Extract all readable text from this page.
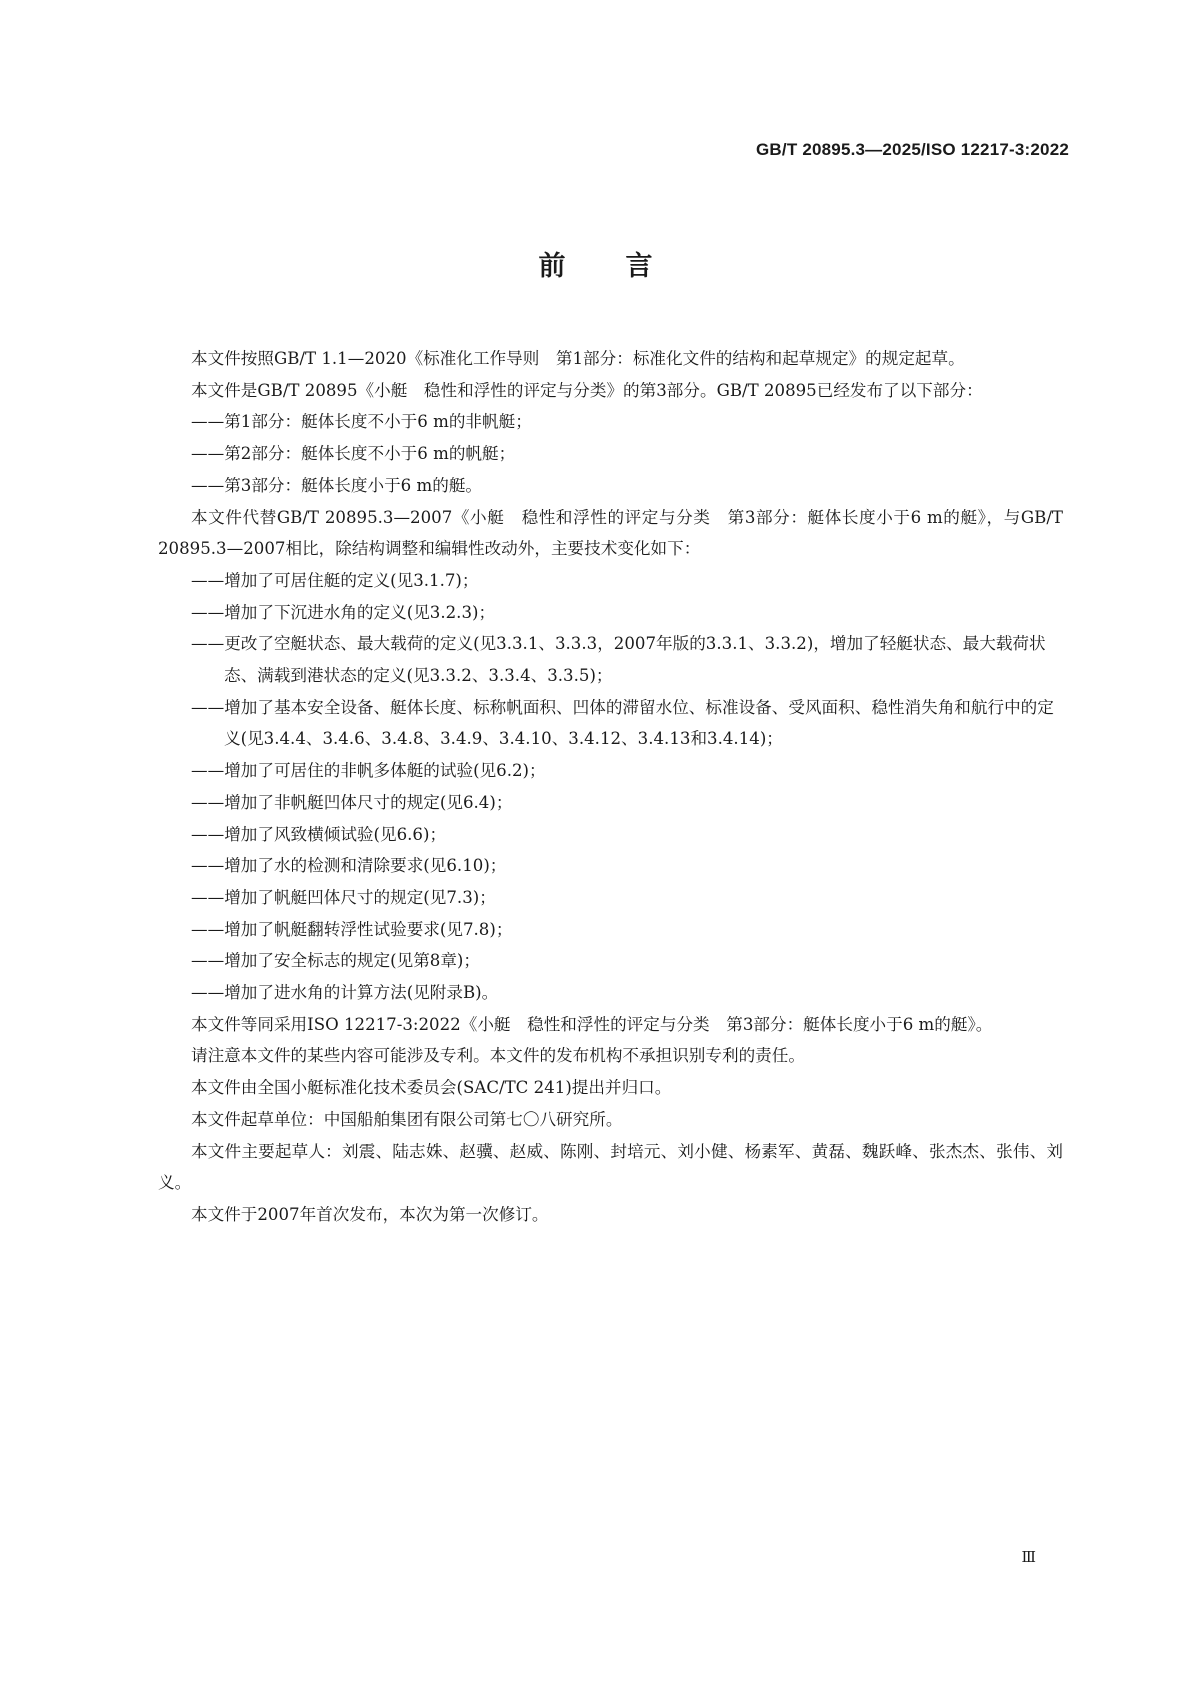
GB/T 20895.3—2025/ISO 12217-3:2022
前言

本文件按照GB/T 1.1—2020《标准化工作导则　第1部分：标准化文件的结构和起草规定》的规定起草。

本文件是GB/T 20895《小艇　稳性和浮性的评定与分类》的第3部分。GB/T 20895已经发布了以下部分：

——第1部分：艇体长度不小于6 m的非帆艇；

——第2部分：艇体长度不小于6 m的帆艇；

——第3部分：艇体长度小于6 m的艇。

本文件代替GB/T 20895.3—2007《小艇　稳性和浮性的评定与分类　第3部分：艇体长度小于6 m的艇》，与GB/T 20895.3—2007相比，除结构调整和编辑性改动外，主要技术变化如下：

——增加了可居住艇的定义(见3.1.7)；

——增加了下沉进水角的定义(见3.2.3)；

——更改了空艇状态、最大载荷的定义(见3.3.1、3.3.3，2007年版的3.3.1、3.3.2)，增加了轻艇状态、最大载荷状态、满载到港状态的定义(见3.3.2、3.3.4、3.3.5)；

——增加了基本安全设备、艇体长度、标称帆面积、凹体的滞留水位、标准设备、受风面积、稳性消失角和航行中的定义(见3.4.4、3.4.6、3.4.8、3.4.9、3.4.10、3.4.12、3.4.13和3.4.14)；

——增加了可居住的非帆多体艇的试验(见6.2)；

——增加了非帆艇凹体尺寸的规定(见6.4)；

——增加了风致横倾试验(见6.6)；

——增加了水的检测和清除要求(见6.10)；

——增加了帆艇凹体尺寸的规定(见7.3)；

——增加了帆艇翻转浮性试验要求(见7.8)；

——增加了安全标志的规定(见第8章)；

——增加了进水角的计算方法(见附录B)。

本文件等同采用ISO 12217-3:2022《小艇　稳性和浮性的评定与分类　第3部分：艇体长度小于6 m的艇》。

请注意本文件的某些内容可能涉及专利。本文件的发布机构不承担识别专利的责任。

本文件由全国小艇标准化技术委员会(SAC/TC 241)提出并归口。

本文件起草单位：中国船舶集团有限公司第七〇八研究所。

本文件主要起草人：刘震、陆志姝、赵骥、赵威、陈刚、封培元、刘小健、杨素军、黄磊、魏跃峰、张杰杰、张伟、刘义。

本文件于2007年首次发布，本次为第一次修订。

Ⅲ
